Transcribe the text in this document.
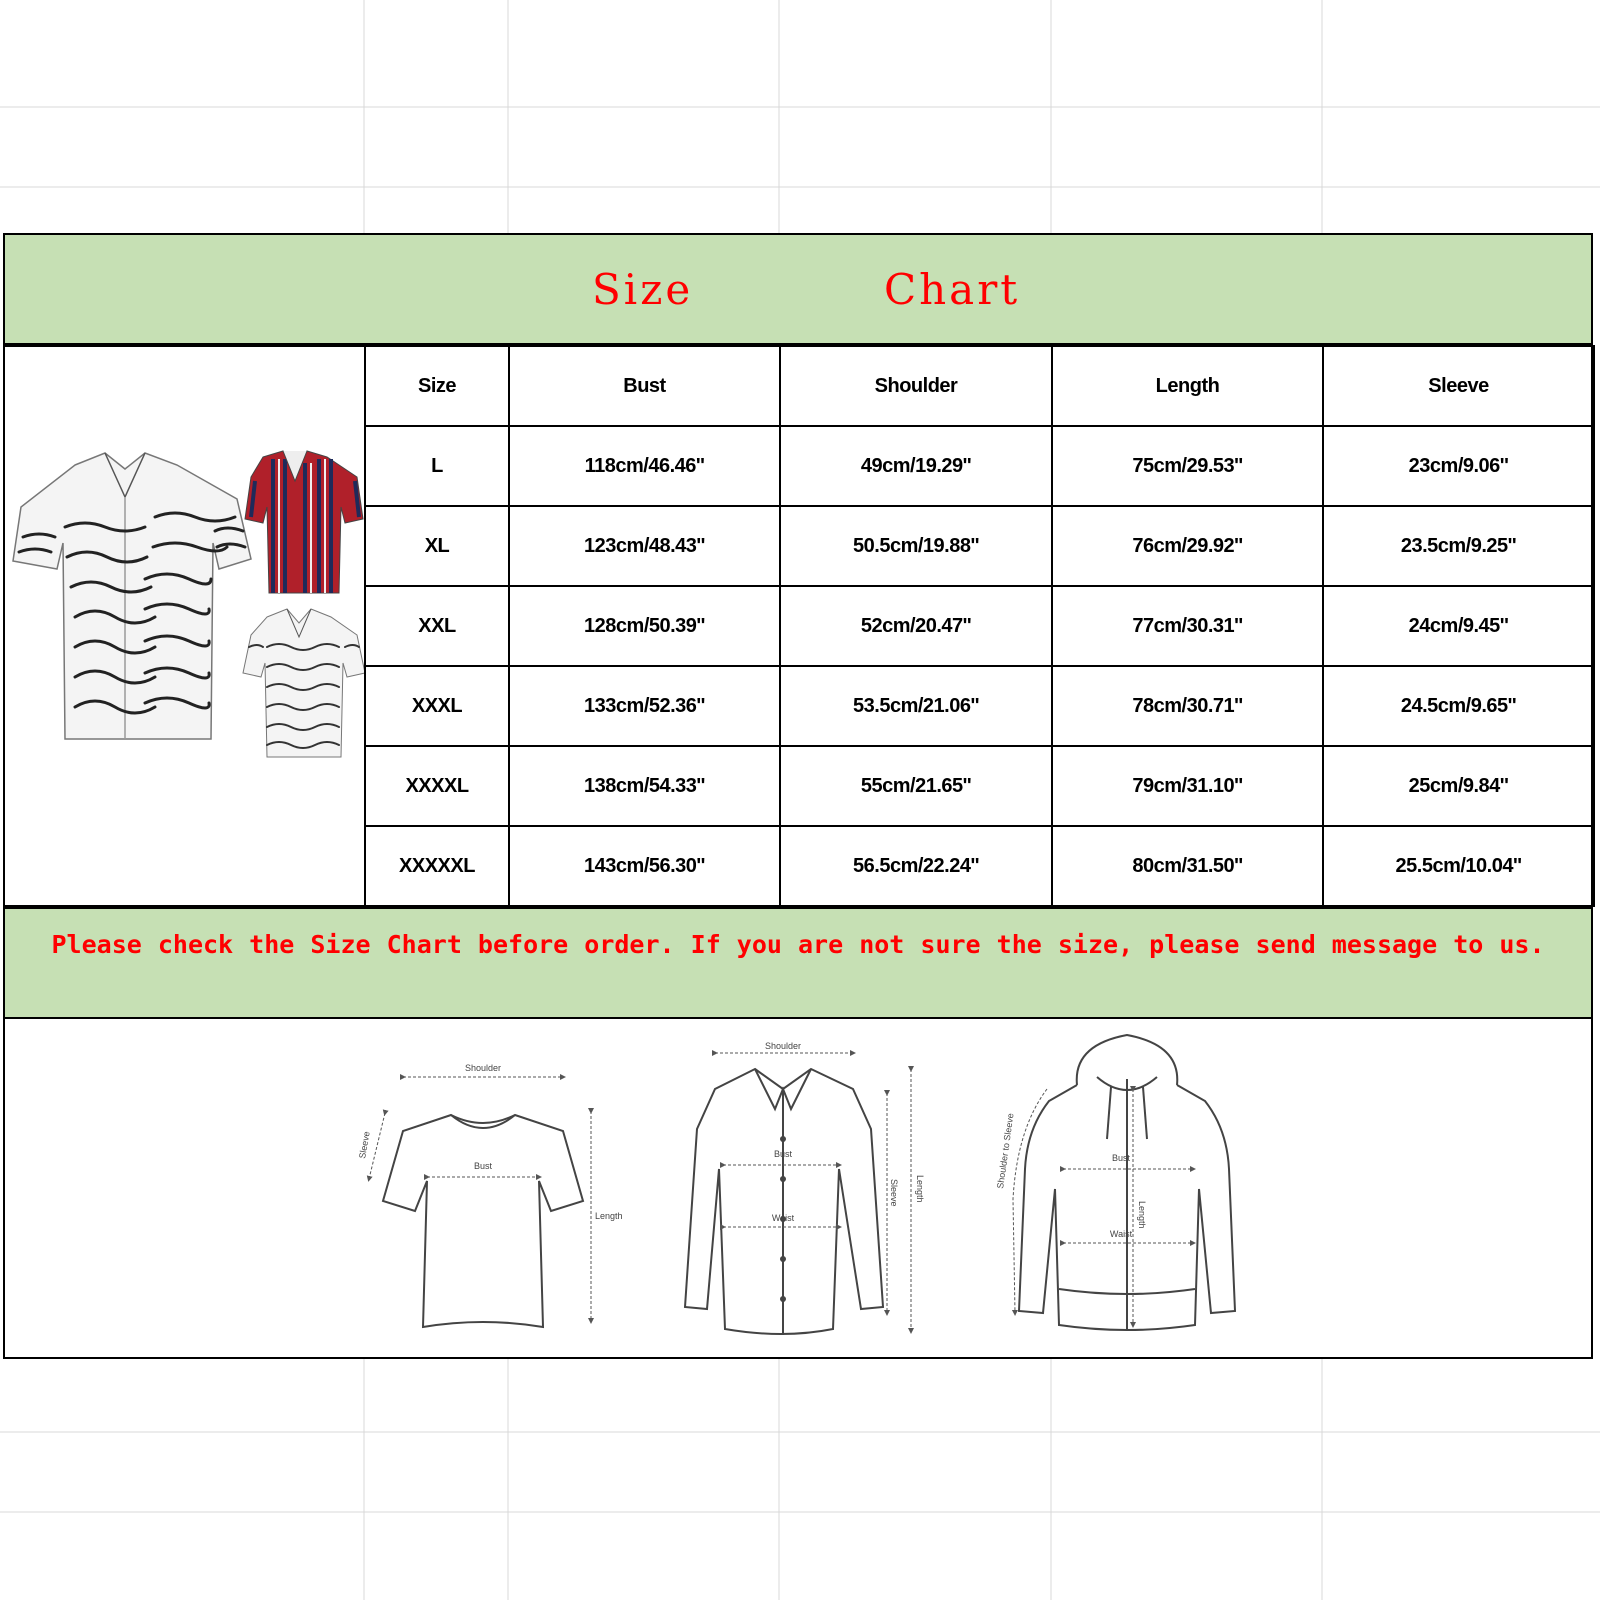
Size	Chart
Size	Bust	Shoulder	Length	Sleeve
L	118cm/46.46''	49cm/19.29''	75cm/29.53''	23cm/9.06''
XL	123cm/48.43''	50.5cm/19.88''	76cm/29.92''	23.5cm/9.25''
XXL	128cm/50.39''	52cm/20.47''	77cm/30.31''	24cm/9.45''
XXXL	133cm/52.36''	53.5cm/21.06''	78cm/30.71''	24.5cm/9.65''
XXXXL	138cm/54.33''	55cm/21.65''	79cm/31.10''	25cm/9.84''
XXXXXL	143cm/56.30''	56.5cm/22.24''	80cm/31.50''	25.5cm/10.04''
Please check the Size Chart before order. If you are not sure the size, please send message to us.
Shoulder
Bust
Length
Sleeve
Shoulder
Bust
Waist
Sleeve Length	Shoulder to Sleeve	Bust
Length
Waist
